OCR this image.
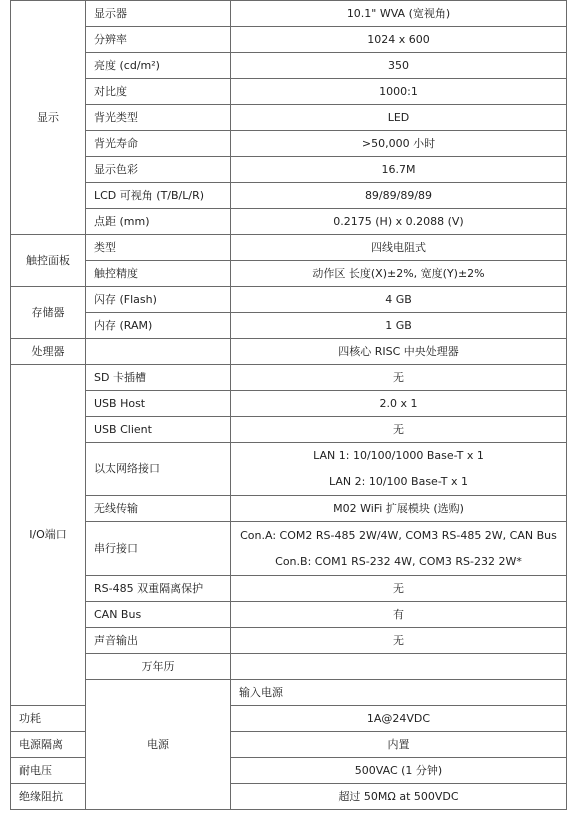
显示	显示器	10.1" WVA (宽视角)	
	分辨率	1024 x 600	
	亮度 (cd/m²)	350	
	对比度	1000:1	
	背光类型	LED	
	背光寿命	>50,000 小时	
	显示色彩	16.7M	
	LCD 可视角 (T/B/L/R)	89/89/89/89	
	点距 (mm)	0.2175 (H) x 0.2088 (V)	
触控面板	类型	四线电阻式	
	触控精度	动作区 长度(X)±2%, 宽度(Y)±2%	
存储器	闪存 (Flash)	4 GB	
	内存 (RAM)	1 GB	
处理器		四核心 RISC 中央处理器	
I/O端口	SD 卡插槽	无	
	USB Host	2.0 x 1	
	USB Client	无	
	以太网络接口	LAN 1: 10/100/1000 Base-T x 1
LAN 2: 10/100 Base-T x 1	

	无线传输	M02 WiFi 扩展模块 (选购)	
	串行接口	Con.A: COM2 RS-485 2W/4W, COM3 RS-485 2W, CAN Bus
Con.B: COM1 RS-232 4W, COM3 RS-232 2W*	

	RS-485 双重隔离保护	无	
	CAN Bus	有	
	声音输出	无	
	万年历		
	电源	输入电源	
功耗		1A@24VDC	
电源隔离		内置	
耐电压		500VAC (1 分钟)	
绝缘阻抗		超过 50MΩ at 500VDC	
